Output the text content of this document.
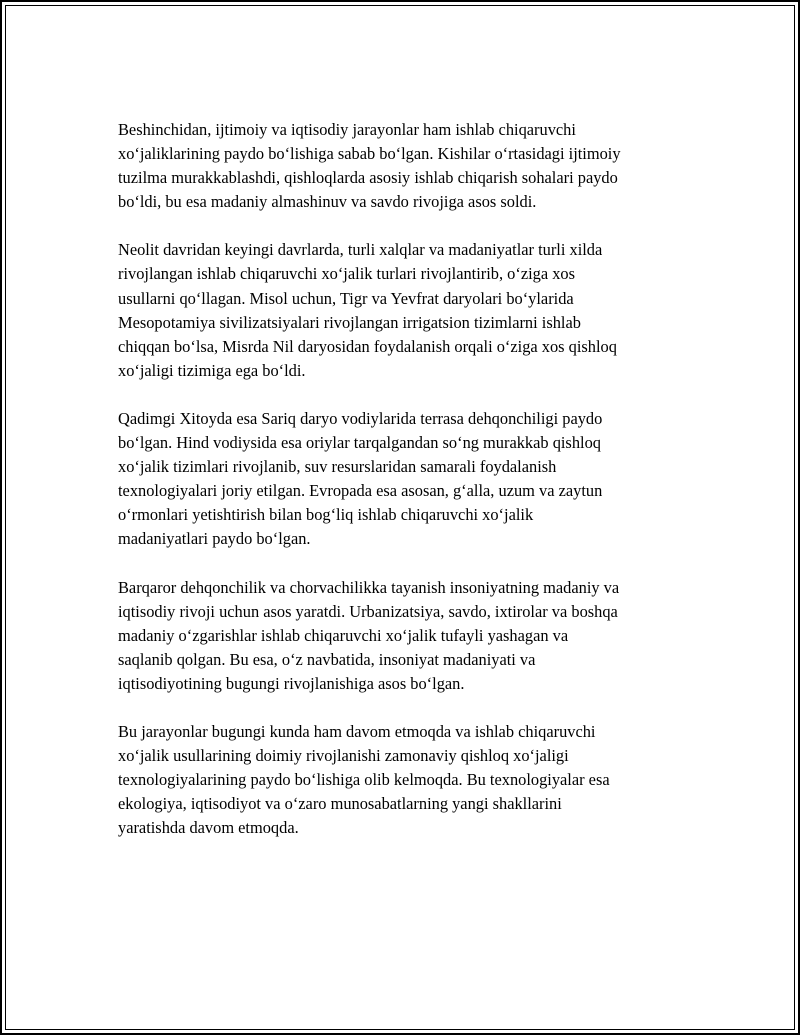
Beshinchidan, ijtimoiy va iqtisodiy jarayonlar ham ishlab chiqaruvchi
xo‘jaliklarining paydo bo‘lishiga sabab bo‘lgan. Kishilar o‘rtasidagi ijtimoiy
tuzilma murakkablashdi, qishloqlarda asosiy ishlab chiqarish sohalari paydo
bo‘ldi, bu esa madaniy almashinuv va savdo rivojiga asos soldi.

Neolit davridan keyingi davrlarda, turli xalqlar va madaniyatlar turli xilda
rivojlangan ishlab chiqaruvchi xo‘jalik turlari rivojlantirib, o‘ziga xos
usullarni qo‘llagan. Misol uchun, Tigr va Yevfrat daryolari bo‘ylarida
Mesopotamiya sivilizatsiyalari rivojlangan irrigatsion tizimlarni ishlab
chiqqan bo‘lsa, Misrda Nil daryosidan foydalanish orqali o‘ziga xos qishloq
xo‘jaligi tizimiga ega bo‘ldi.

Qadimgi Xitoyda esa Sariq daryo vodiylarida terrasa dehqonchiligi paydo
bo‘lgan. Hind vodiysida esa oriylar tarqalgandan so‘ng murakkab qishloq
xo‘jalik tizimlari rivojlanib, suv resurslaridan samarali foydalanish
texnologiyalari joriy etilgan. Evropada esa asosan, g‘alla, uzum va zaytun
o‘rmonlari yetishtirish bilan bog‘liq ishlab chiqaruvchi xo‘jalik
madaniyatlari paydo bo‘lgan.

Barqaror dehqonchilik va chorvachilikka tayanish insoniyatning madaniy va
iqtisodiy rivoji uchun asos yaratdi. Urbanizatsiya, savdo, ixtirolar va boshqa
madaniy o‘zgarishlar ishlab chiqaruvchi xo‘jalik tufayli yashagan va
saqlanib qolgan. Bu esa, o‘z navbatida, insoniyat madaniyati va
iqtisodiyotining bugungi rivojlanishiga asos bo‘lgan.

Bu jarayonlar bugungi kunda ham davom etmoqda va ishlab chiqaruvchi
xo‘jalik usullarining doimiy rivojlanishi zamonaviy qishloq xo‘jaligi
texnologiyalarining paydo bo‘lishiga olib kelmoqda. Bu texnologiyalar esa
ekologiya, iqtisodiyot va o‘zaro munosabatlarning yangi shakllarini
yaratishda davom etmoqda.
